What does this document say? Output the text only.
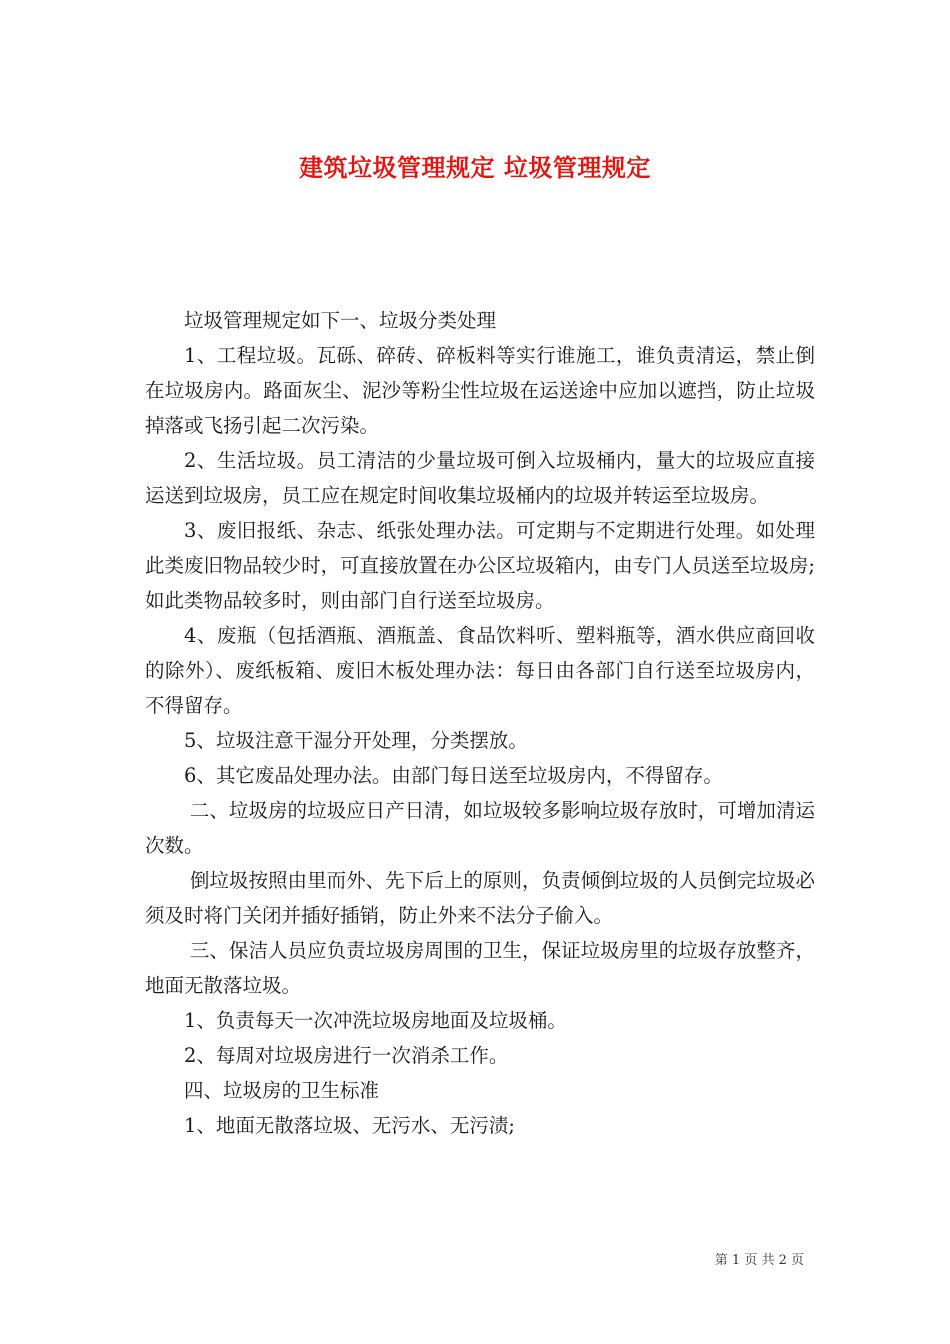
建筑垃圾管理规定 垃圾管理规定

垃圾管理规定如下一、垃圾分类处理

1、工程垃圾。瓦砾、碎砖、碎板料等实行谁施工，谁负责清运，禁止倒在垃圾房内。路面灰尘、泥沙等粉尘性垃圾在运送途中应加以遮挡，防止垃圾掉落或飞扬引起二次污染。

2、生活垃圾。员工清洁的少量垃圾可倒入垃圾桶内，量大的垃圾应直接运送到垃圾房，员工应在规定时间收集垃圾桶内的垃圾并转运至垃圾房。

3、废旧报纸、杂志、纸张处理办法。可定期与不定期进行处理。如处理此类废旧物品较少时，可直接放置在办公区垃圾箱内，由专门人员送至垃圾房;如此类物品较多时，则由部门自行送至垃圾房。

4、废瓶（包括酒瓶、酒瓶盖、食品饮料听、塑料瓶等，酒水供应商回收的除外）、废纸板箱、废旧木板处理办法：每日由各部门自行送至垃圾房内，不得留存。

5、垃圾注意干湿分开处理，分类摆放。

6、其它废品处理办法。由部门每日送至垃圾房内，不得留存。

二、垃圾房的垃圾应日产日清，如垃圾较多影响垃圾存放时，可增加清运次数。

倒垃圾按照由里而外、先下后上的原则，负责倾倒垃圾的人员倒完垃圾必须及时将门关闭并插好插销，防止外来不法分子偷入。

三、保洁人员应负责垃圾房周围的卫生，保证垃圾房里的垃圾存放整齐，地面无散落垃圾。

1、负责每天一次冲洗垃圾房地面及垃圾桶。

2、每周对垃圾房进行一次消杀工作。

四、垃圾房的卫生标准

1、地面无散落垃圾、无污水、无污渍;

第 1 页 共 2 页
